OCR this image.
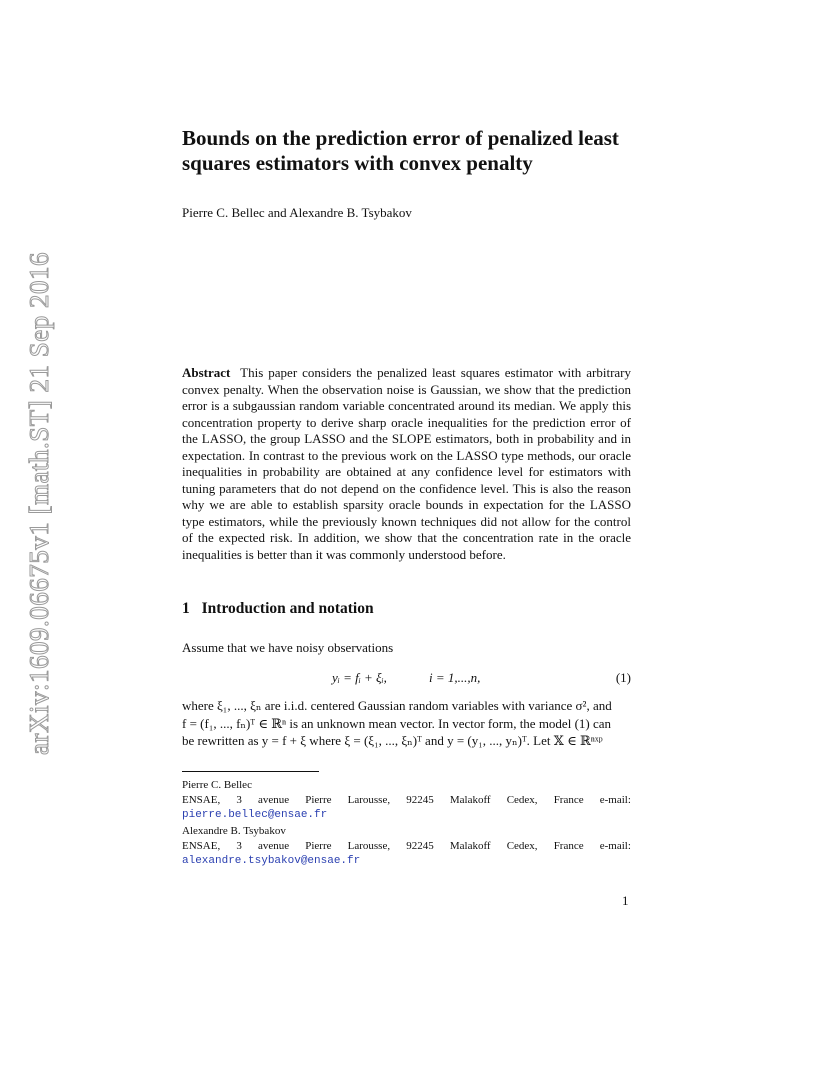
arXiv:1609.06675v1 [math.ST] 21 Sep 2016
Bounds on the prediction error of penalized least squares estimators with convex penalty
Pierre C. Bellec and Alexandre B. Tsybakov
Abstract This paper considers the penalized least squares estimator with arbitrary convex penalty. When the observation noise is Gaussian, we show that the prediction error is a subgaussian random variable concentrated around its median. We apply this concentration property to derive sharp oracle inequalities for the prediction error of the LASSO, the group LASSO and the SLOPE estimators, both in probability and in expectation. In contrast to the previous work on the LASSO type methods, our oracle inequalities in probability are obtained at any confidence level for estimators with tuning parameters that do not depend on the confidence level. This is also the reason why we are able to establish sparsity oracle bounds in expectation for the LASSO type estimators, while the previously known techniques did not allow for the control of the expected risk. In addition, we show that the concentration rate in the oracle inequalities is better than it was commonly understood before.
1 Introduction and notation
Assume that we have noisy observations
yᵢ = fᵢ + ξᵢ,	i = 1,...,n,	(1)
where ξ₁, ..., ξₙ are i.i.d. centered Gaussian random variables with variance σ², and
f = (f₁, ..., fₙ)ᵀ ∈ ℝⁿ is an unknown mean vector. In vector form, the model (1) can
be rewritten as y = f + ξ where ξ = (ξ₁, ..., ξₙ)ᵀ and y = (y₁, ..., yₙ)ᵀ. Let 𝕏 ∈ ℝⁿˣᵖ
Pierre C. Bellec
ENSAE, 3 avenue Pierre Larousse, 92245 Malakoff Cedex, France e-mail:
pierre.bellec@ensae.fr
Alexandre B. Tsybakov
ENSAE, 3 avenue Pierre Larousse, 92245 Malakoff Cedex, France e-mail:
alexandre.tsybakov@ensae.fr
1
